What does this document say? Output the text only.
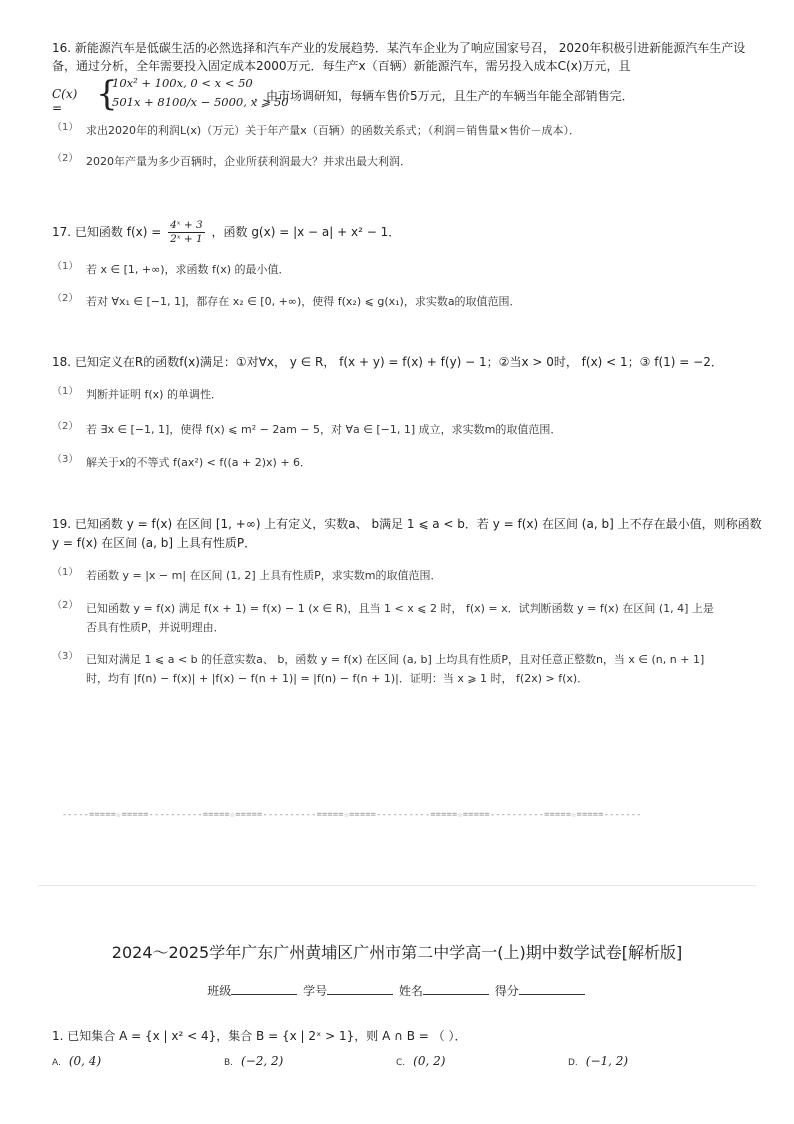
16. 新能源汽车是低碳生活的必然选择和汽车产业的发展趋势．某汽车企业为了响应国家号召， 2020年积极引进新能源汽车生产设
备，通过分析，全年需要投入固定成本2000万元．每生产x（百辆）新能源汽车，需另投入成本C(x)万元，且
C(x) = {
10x² + 100x, 0 < x < 50
501x + 8100/x − 5000, x ⩾ 50
，由市场调研知，每辆车售价5万元，且生产的车辆当年能全部销售完．
（1） 求出2020年的利润L(x)（万元）关于年产量x（百辆）的函数关系式；（利润＝销售量×售价－成本）．
（2） 2020年产量为多少百辆时，企业所获利润最大？并求出最大利润．
17. 已知函数 $f(x) = \frac{\text{4ˣ + 3}}{\text{2ˣ + 1}}$ ，函数 g(x) = |x − a| + x² − 1．
（1） 若 x ∈ [1, +∞)，求函数 f(x) 的最小值．
（2） 若对 ∀x₁ ∈ [−1, 1]，都存在 x₂ ∈ [0, +∞)，使得 f(x₂) ⩽ g(x₁)，求实数a的取值范围．
18. 已知定义在R的函数f(x)满足：①对∀x， y ∈ R， f(x + y) = f(x) + f(y) − 1；②当x > 0时， f(x) < 1；③ f(1) = −2．
（1） 判断并证明 f(x) 的单调性．
（2） 若 ∃x ∈ [−1, 1]，使得 f(x) ⩽ m² − 2am − 5，对 ∀a ∈ [−1, 1] 成立，求实数m的取值范围．
（3） 解关于x的不等式 f(ax²) < f((a + 2)x) + 6．
19. 已知函数 y = f(x) 在区间 [1, +∞) 上有定义，实数a、 b满足 1 ⩽ a < b．若 y = f(x) 在区间 (a, b] 上不存在最小值，则称函数
y = f(x) 在区间 (a, b] 上具有性质P．
（1） 若函数 y = |x − m| 在区间 (1, 2] 上具有性质P，求实数m的取值范围．
（2） 已知函数 y = f(x) 满足 f(x + 1) = f(x) − 1 (x ∈ R)，且当 1 < x ⩽ 2 时， f(x) = x．试判断函数 y = f(x) 在区间 (1, 4] 上是
否具有性质P，并说明理由．
（3） 已知对满足 1 ⩽ a < b 的任意实数a、 b，函数 y = f(x) 在区间 (a, b] 上均具有性质P，且对任意正整数n，当 x ∈ (n, n + 1]
时，均有 |f(n) − f(x)| + |f(x) − f(n + 1)| = |f(n) − f(n + 1)|．证明：当 x ⩾ 1 时， f(2x) > f(x)．
-----=====☆=====----------=====☆=====----------=====☆=====----------=====☆=====----------=====☆=====-------
2024～2025学年广东广州黄埔区广州市第二中学高一(上)期中数学试卷[解析版]
班级	学号	姓名	得分
1. 已知集合 A = {x | x² < 4}，集合 B = {x | 2ˣ > 1}，则 A ∩ B = （ ）．
A. (0, 4)	B. (−2, 2)	C. (0, 2)	D. (−1, 2)
